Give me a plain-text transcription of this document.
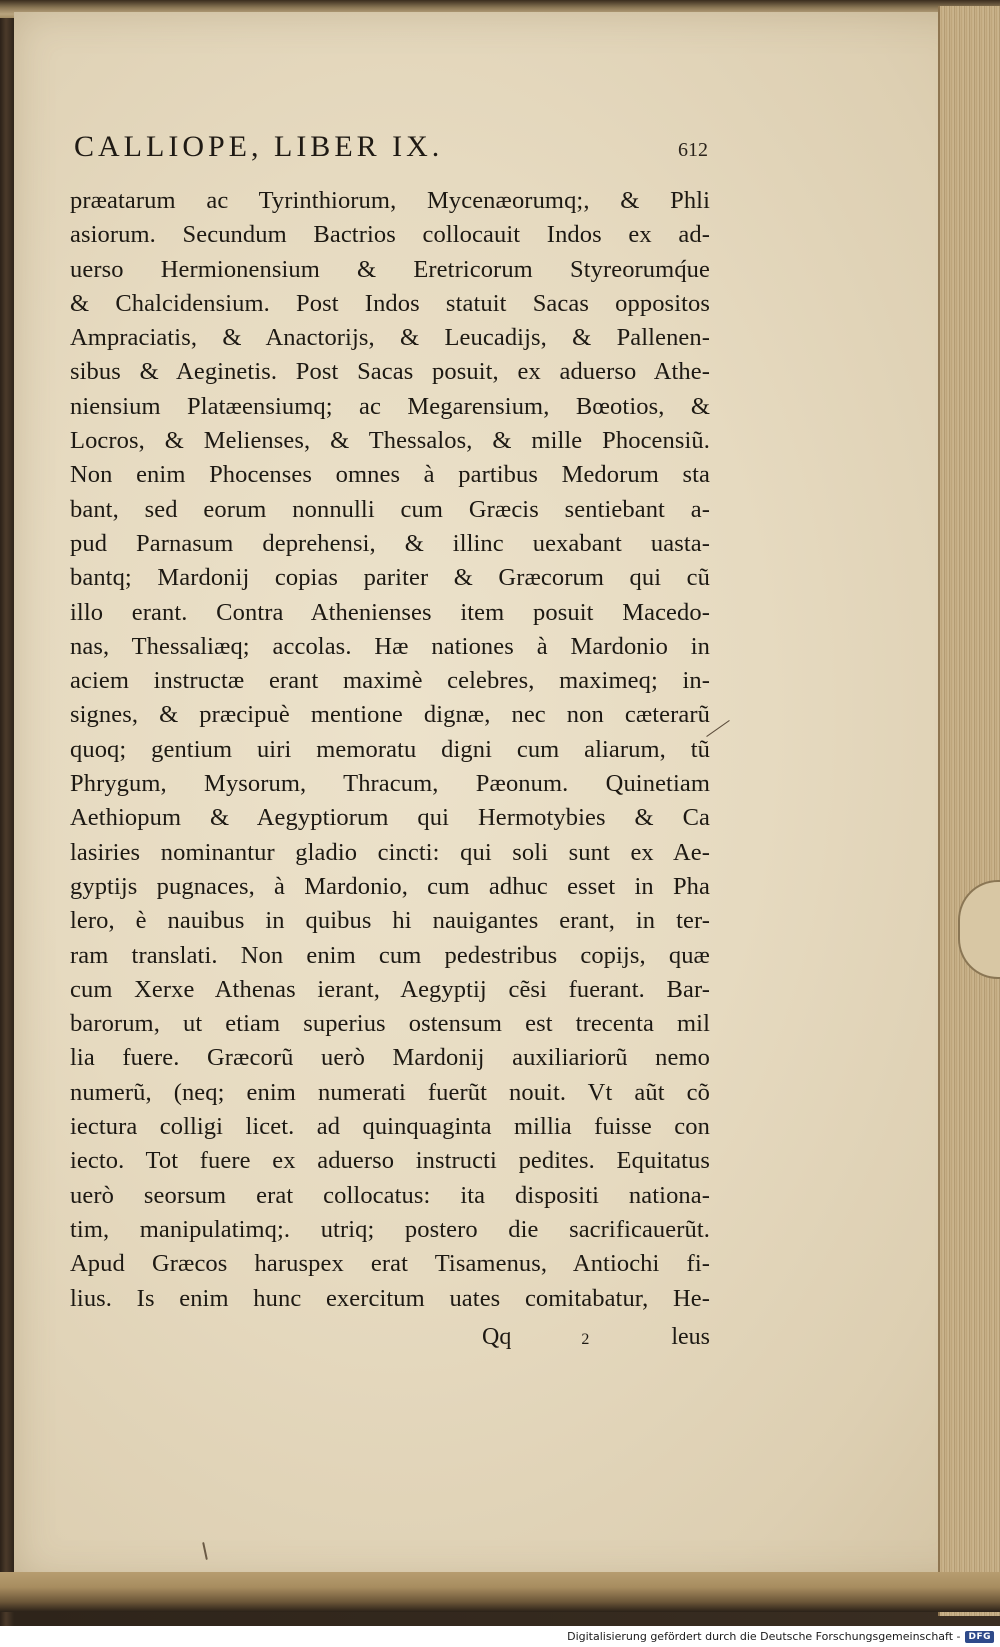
CALLIOPE, LIBER IX.	612
præatarum ac Tyrinthiorum, Mycenæorumq;, & Phli
asiorum. Secundum Bactrios collocauit Indos ex ad-
uerso Hermionensium & Eretricorum Styreorumq́ue
& Chalcidensium. Post Indos statuit Sacas oppositos
Ampraciatis, & Anactorijs, & Leucadijs, & Pallenen-
sibus & Aeginetis. Post Sacas posuit, ex aduerso Athe-
niensium Platæensiumq; ac Megarensium, Bœotios, &
Locros, & Melienses, & Thessalos, & mille Phocensiũ.
Non enim Phocenses omnes à partibus Medorum sta
bant, sed eorum nonnulli cum Græcis sentiebant a-
pud Parnasum deprehensi, & illinc uexabant uasta-
bantq; Mardonij copias pariter & Græcorum qui cũ
illo erant. Contra Athenienses item posuit Macedo-
nas, Thessaliæq; accolas. Hæ nationes à Mardonio in
aciem instructæ erant maximè celebres, maximeq; in-
signes, & præcipuè mentione dignæ, nec non cæterarũ
quoq; gentium uiri memoratu digni cum aliarum, tũ
Phrygum, Mysorum, Thracum, Pæonum. Quinetiam
Aethiopum & Aegyptiorum qui Hermotybies & Ca
lasiries nominantur gladio cincti: qui soli sunt ex Ae-
gyptijs pugnaces, à Mardonio, cum adhuc esset in Pha
lero, è nauibus in quibus hi nauigantes erant, in ter-
ram translati. Non enim cum pedestribus copijs, quæ
cum Xerxe Athenas ierant, Aegyptij cẽsi fuerant. Bar-
barorum, ut etiam superius ostensum est trecenta mil
lia fuere. Græcorũ uerò Mardonij auxiliariorũ nemo
numerũ, (neq; enim numerati fuerũt nouit. Vt aũt cõ
iectura colligi licet. ad quinquaginta millia fuisse con
iecto. Tot fuere ex aduerso instructi pedites. Equitatus
uerò seorsum erat collocatus: ita dispositi nationa-
tim, manipulatimq;. utriq; postero die sacrificauerũt.
Apud Græcos haruspex erat Tisamenus, Antiochi fi-
lius. Is enim hunc exercitum uates comitabatur, He-
Qq	2	leus
Digitalisierung gefördert durch die Deutsche Forschungsgemeinschaft - DFG
